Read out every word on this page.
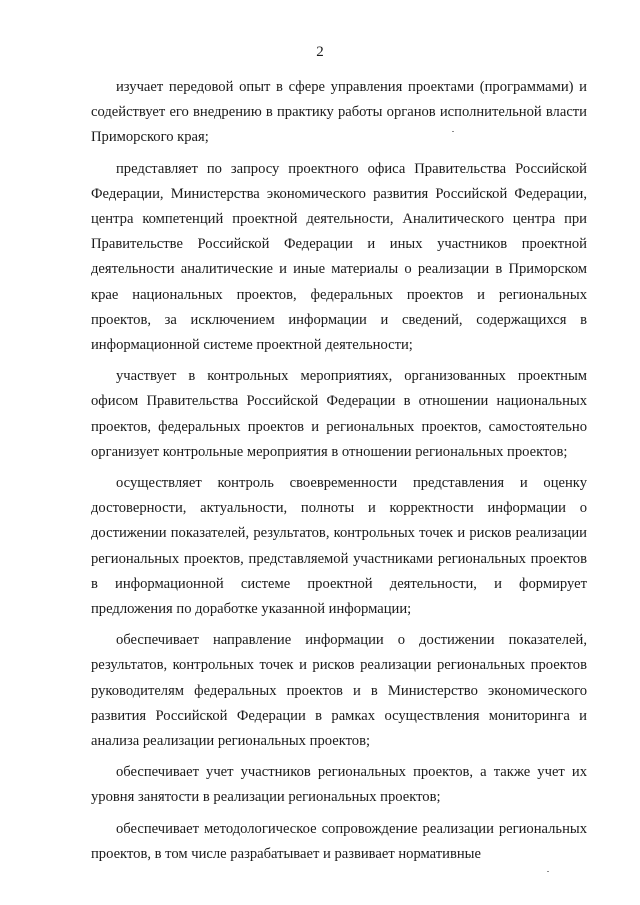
2

изучает передовой опыт в сфере управления проектами (программами) и содействует его внедрению в практику работы органов исполнительной власти Приморского края;

представляет по запросу проектного офиса Правительства Российской Федерации, Министерства экономического развития Российской Федерации, центра компетенций проектной деятельности, Аналитического центра при Правительстве Российской Федерации и иных участников проектной деятельности аналитические и иные материалы о реализации в Приморском крае национальных проектов, федеральных проектов и региональных проектов, за исключением информации и сведений, содержащихся в информационной системе проектной деятельности;

участвует в контрольных мероприятиях, организованных проектным офисом Правительства Российской Федерации в отношении национальных проектов, федеральных проектов и региональных проектов, самостоятельно организует контрольные мероприятия в отношении региональных проектов;

осуществляет контроль своевременности представления и оценку достоверности, актуальности, полноты и корректности информации о достижении показателей, результатов, контрольных точек и рисков реализации региональных проектов, представляемой участниками региональных проектов в информационной системе проектной деятельности, и формирует предложения по доработке указанной информации;

обеспечивает направление информации о достижении показателей, результатов, контрольных точек и рисков реализации региональных проектов руководителям федеральных проектов и в Министерство экономического развития Российской Федерации в рамках осуществления мониторинга и анализа реализации региональных проектов;

обеспечивает учет участников региональных проектов, а также учет их уровня занятости в реализации региональных проектов;

обеспечивает методологическое сопровождение реализации региональных проектов, в том числе разрабатывает и развивает нормативные
